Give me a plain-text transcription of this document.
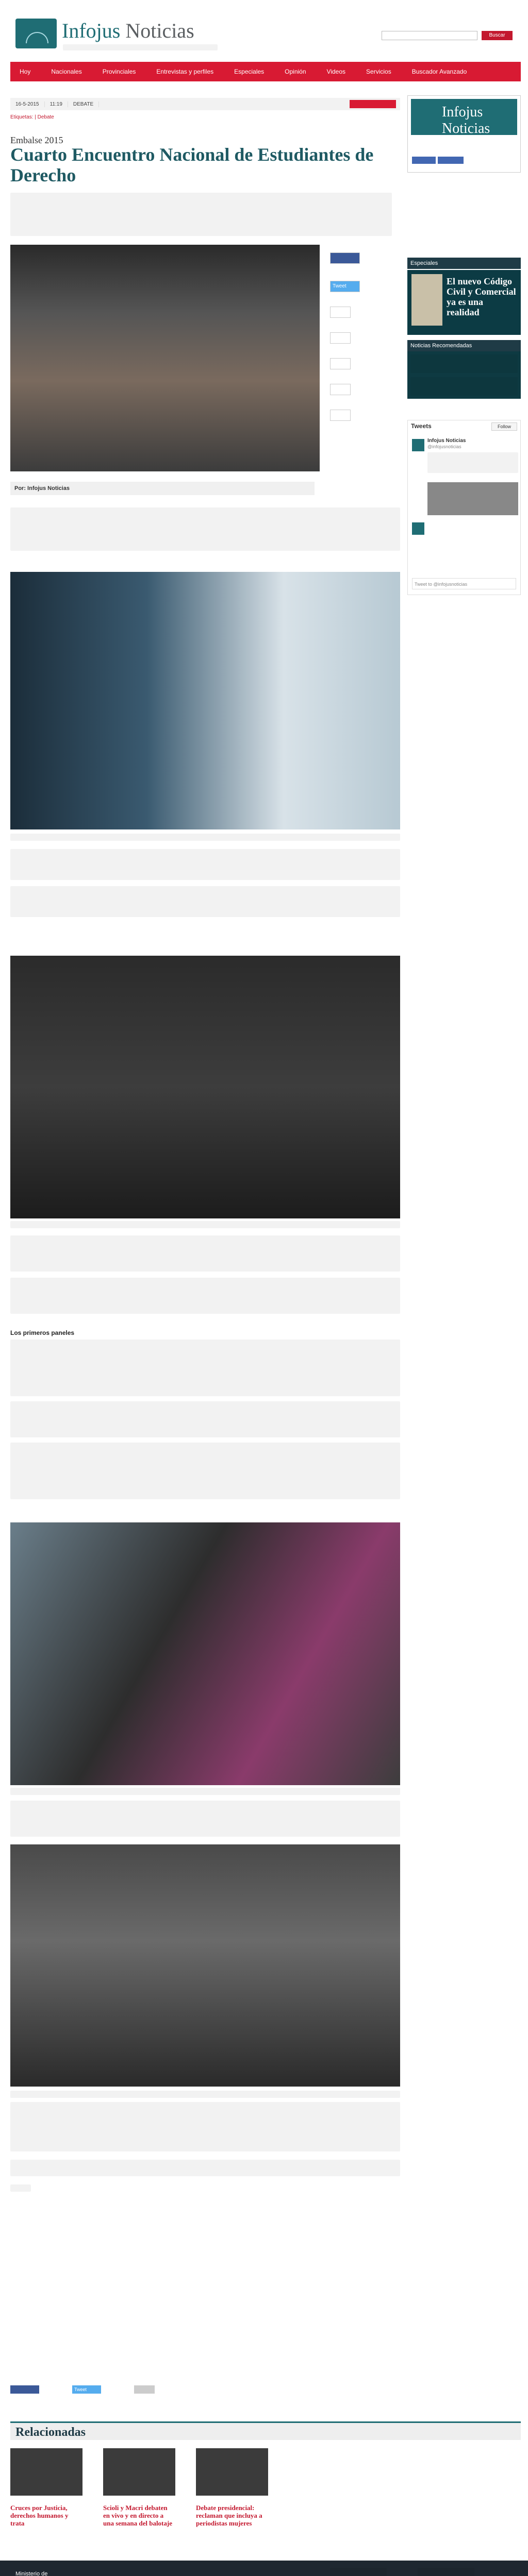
Infojus Noticias	Buscar
Hoy	Nacionales	Provinciales	Entrevistas y perfiles	Especiales	Opinión	Videos	Servicios	Buscador Avanzado
16-5-2015	11:19	DEBATE
Etiquetas: | Debate
Embalse 2015
Cuarto Encuentro Nacional de Estudiantes de Derecho
Por: Infojus Noticias
Tweet
Los primeros paneles
Tweet
Relacionadas
Cruces por Justicia, derechos humanos y trata
Scioli y Macri debaten en vivo y en directo a una semana del balotaje
Debate presidencial: reclaman que incluya a periodistas mujeres
Infojus Noticias
Especiales
El nuevo Código Civil y Comercial ya es una realidad
Noticias Recomendadas
Tweets	Follow
Infojus Noticias
@infojusnoticias
Tweet to @infojusnoticias
Ministerio de
